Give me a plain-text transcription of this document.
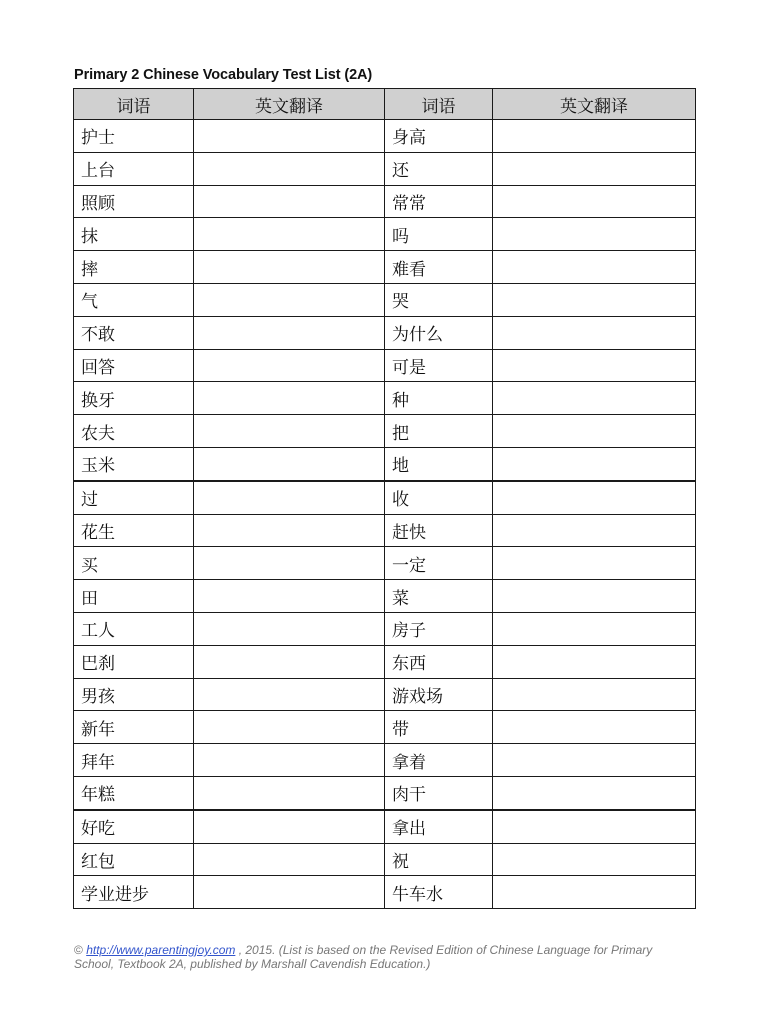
Primary 2 Chinese Vocabulary Test List (2A)
词语	英文翻译	词语	英文翻译
护士		身高	
上台		还	
照顾		常常	
抹		吗	
摔		难看	
气		哭	
不敢		为什么	
回答		可是	
换牙		种	
农夫		把	
玉米		地	
过		收	
花生		赶快	
买		一定	
田		菜	
工人		房子	
巴刹		东西	
男孩		游戏场	
新年		带	
拜年		拿着	
年糕		肉干	
好吃		拿出	
红包		祝	
学业进步		牛车水	
© http://www.parentingjoy.com , 2015. (List is based on the Revised Edition of Chinese Language for Primary School, Textbook 2A, published by Marshall Cavendish Education.)
